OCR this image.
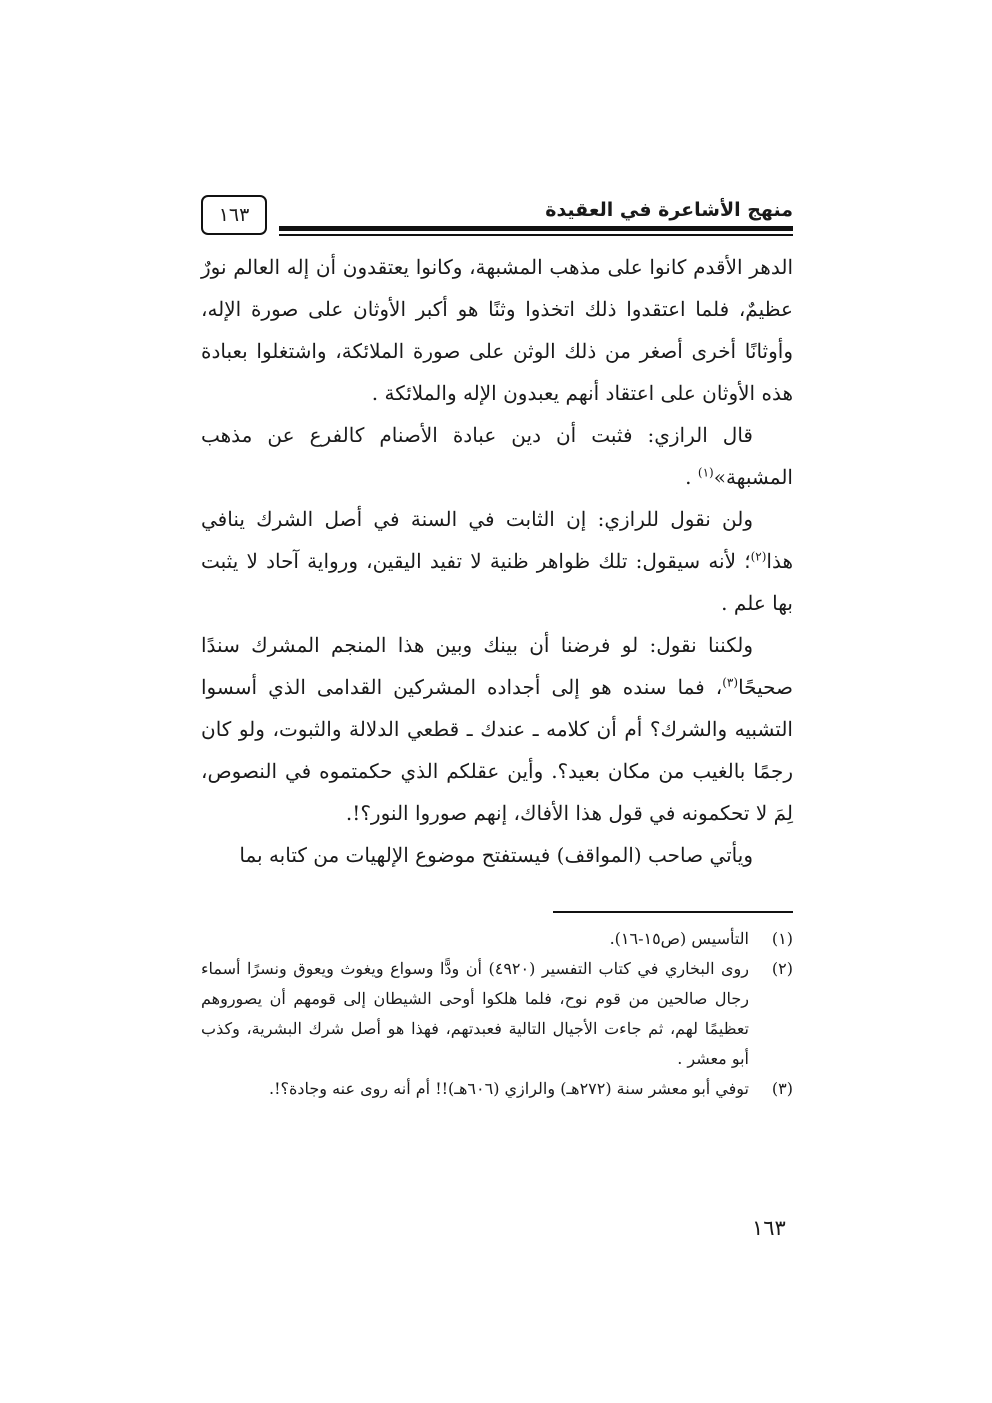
منهج الأشاعرة في العقيدة
١٦٣

الدهر الأقدم كانوا على مذهب المشبهة، وكانوا يعتقدون أن إله العالم نورٌ عظيمٌ، فلما اعتقدوا ذلك اتخذوا وثنًا هو أكبر الأوثان على صورة الإله، وأوثانًا أخرى أصغر من ذلك الوثن على صورة الملائكة، واشتغلوا بعبادة هذه الأوثان على اعتقاد أنهم يعبدون الإله والملائكة .

قال الرازي: فثبت أن دين عبادة الأصنام كالفرع عن مذهب المشبهة»$^{(١)}$ .

ولن نقول للرازي: إن الثابت في السنة في أصل الشرك ينافي هذا$^{(٢)}$؛ لأنه سيقول: تلك ظواهر ظنية لا تفيد اليقين، ورواية آحاد لا يثبت بها علم .

ولكننا نقول: لو فرضنا أن بينك وبين هذا المنجم المشرك سندًا صحيحًا$^{(٣)}$، فما سنده هو إلى أجداده المشركين القدامى الذي أسسوا التشبيه والشرك؟ أم أن كلامه ـ عندك ـ قطعي الدلالة والثبوت، ولو كان رجمًا بالغيب من مكان بعيد؟. وأين عقلكم الذي حكمتموه في النصوص، لِمَ لا تحكمونه في قول هذا الأفاك، إنهم صوروا النور؟!.

ويأتي صاحب (المواقف) فيستفتح موضوع الإلهيات من كتابه بما

(١)
التأسيس (ص١٥-١٦).
(٢)
روى البخاري في كتاب التفسير (٤٩٢٠) أن ودًّا وسواع ويغوث ويعوق ونسرًا أسماء رجال صالحين من قوم نوح، فلما هلكوا أوحى الشيطان إلى قومهم أن يصوروهم تعظيمًا لهم، ثم جاءت الأجيال التالية فعبدتهم، فهذا هو أصل شرك البشرية، وكذب أبو معشر .
(٣)
توفي أبو معشر سنة (٢٧٢هـ) والرازي (٦٠٦هـ)!! أم أنه روى عنه وجادة؟!.
١٦٣
